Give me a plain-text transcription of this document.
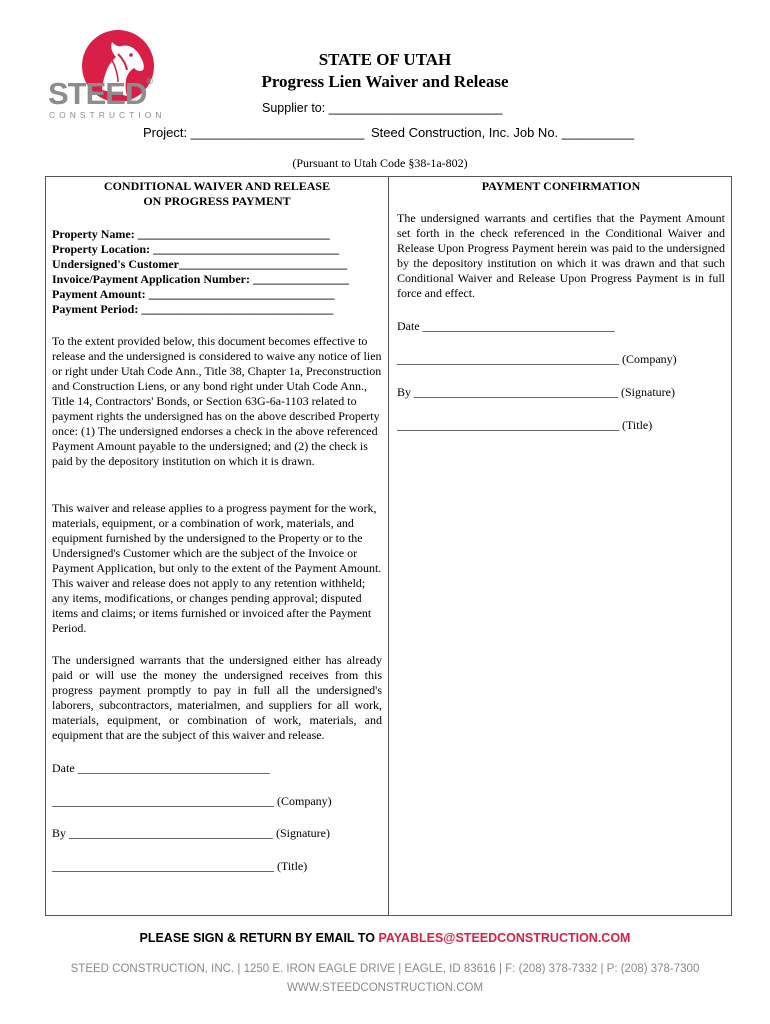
STEED®
CONSTRUCTION
STATE OF UTAH
Progress Lien Waiver and Release
Supplier to: _________________________
Project: ________________________ Steed Construction, Inc. Job No. __________
(Pursuant to Utah Code §38-1a-802)
CONDITIONAL WAIVER AND RELEASE
ON PROGRESS PAYMENT
Property Name: ________________________________
Property Location: _______________________________
Undersigned's Customer____________________________
Invoice/Payment Application Number: ________________
Payment Amount: _______________________________
Payment Period: ________________________________
To the extent provided below, this document becomes effective to release and the undersigned is considered to waive any notice of lien or right under Utah Code Ann., Title 38, Chapter 1a, Preconstruction and Construction Liens, or any bond right under Utah Code Ann., Title 14, Contractors' Bonds, or Section 63G-6a-1103 related to payment rights the undersigned has on the above described Property once: (1) The undersigned endorses a check in the above referenced Payment Amount payable to the undersigned; and (2) the check is paid by the depository institution on which it is drawn.
This waiver and release applies to a progress payment for the work, materials, equipment, or a combination of work, materials, and equipment furnished by the undersigned to the Property or to the Undersigned's Customer which are the subject of the Invoice or Payment Application, but only to the extent of the Payment Amount. This waiver and release does not apply to any retention withheld; any items, modifications, or changes pending approval; disputed items and claims; or items furnished or invoiced after the Payment Period.
The undersigned warrants that the undersigned either has already paid or will use the money the undersigned receives from this progress payment promptly to pay in full all the undersigned's laborers, subcontractors, materialmen, and suppliers for all work, materials, equipment, or combination of work, materials, and equipment that are the subject of this waiver and release.
Date ________________________________
_____________________________________ (Company)
By __________________________________ (Signature)
_____________________________________ (Title)
PAYMENT CONFIRMATION
The undersigned warrants and certifies that the Payment Amount set forth in the check referenced in the Conditional Waiver and Release Upon Progress Payment herein was paid to the undersigned by the depository institution on which it was drawn and that such Conditional Waiver and Release Upon Progress Payment is in full force and effect.
Date ________________________________
_____________________________________ (Company)
By __________________________________ (Signature)
_____________________________________ (Title)
PLEASE SIGN & RETURN BY EMAIL TO PAYABLES@STEEDCONSTRUCTION.COM
STEED CONSTRUCTION, INC. | 1250 E. IRON EAGLE DRIVE | EAGLE, ID 83616 | F: (208) 378-7332 | P: (208) 378-7300
WWW.STEEDCONSTRUCTION.COM
